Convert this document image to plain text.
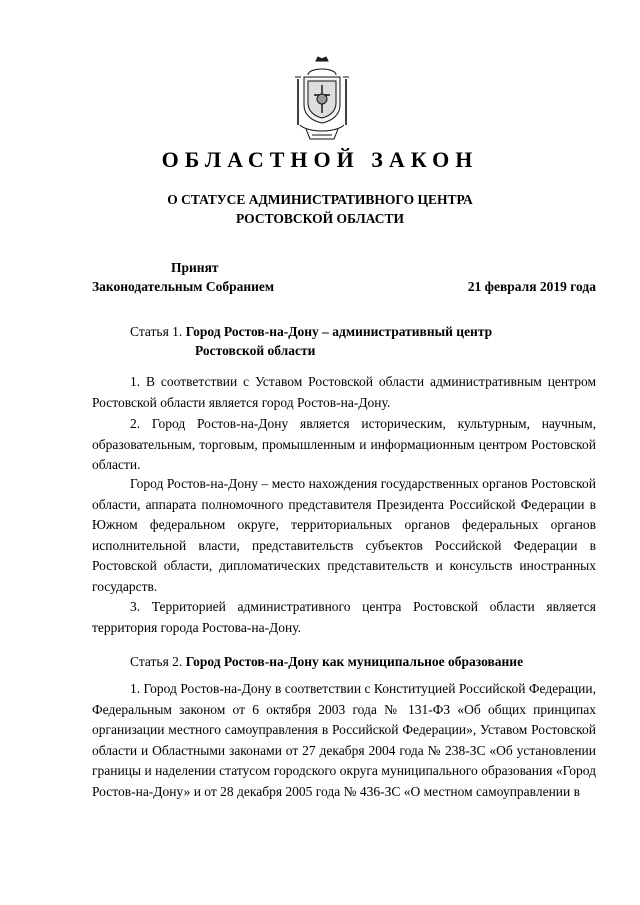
ОБЛАСТНОЙ ЗАКОН
О СТАТУСЕ АДМИНИСТРАТИВНОГО ЦЕНТРА
РОСТОВСКОЙ ОБЛАСТИ
Принят
Законодательным Собранием	21 февраля 2019 года
Статья 1. Город Ростов-на-Дону – административный центр
Ростовской области

1. В соответствии с Уставом Ростовской области административным центром Ростовской области является город Ростов-на-Дону.

2. Город Ростов-на-Дону является историческим, культурным, научным, образовательным, торговым, промышленным и информационным центром Ростовской области.

Город Ростов-на-Дону – место нахождения государственных органов Ростовской области, аппарата полномочного представителя Президента Российской Федерации в Южном федеральном округе, территориальных органов федеральных органов исполнительной власти, представительств субъектов Российской Федерации в Ростовской области, дипломатических представительств и консульств иностранных государств.

3. Территорией административного центра Ростовской области является территория города Ростова-на-Дону.

Статья 2. Город Ростов-на-Дону как муниципальное образование

1. Город Ростов-на-Дону в соответствии с Конституцией Российской Федерации, Федеральным законом от 6 октября 2003 года № 131-ФЗ «Об общих принципах организации местного самоуправления в Российской Федерации», Уставом Ростовской области и Областными законами от 27 декабря 2004 года № 238-ЗС «Об установлении границы и наделении статусом городского округа муниципального образования «Город Ростов-на-Дону» и от 28 декабря 2005 года № 436-ЗС «О местном самоуправлении в
